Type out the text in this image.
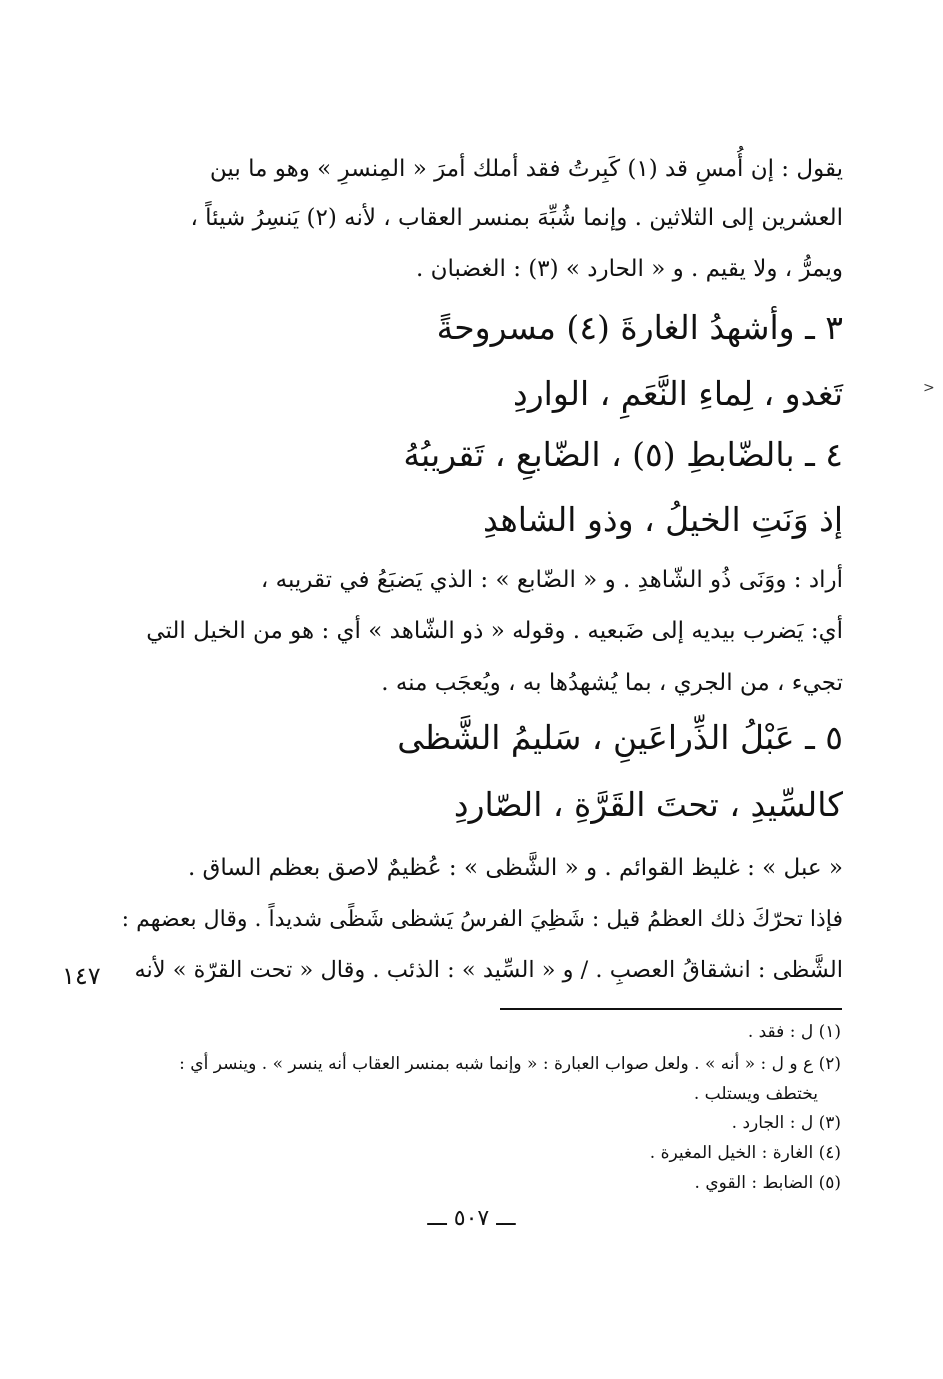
يقول : إن أُمسِ قد (١) كَبِرتُ فقد أملك أمرَ « المِنسرِ » وهو ما بين
العشرين إلى الثلاثين . وإنما شُبِّهَ بمنسر العقاب ، لأنه (٢) يَنسِرُ شيئاً ،
ويمرُّ ، ولا يقيم . و « الحارد » (٣) : الغضبان .
٣ ـ وأشهدُ الغارةَ (٤) مسروحةً
تَغدو ، لِماءِ النَّعَمِ ، الواردِ
٤ ـ بالضّابطِ (٥) ، الضّابعِ ، تَقريبُهُ
إذ وَنَتِ الخيلُ ، وذو الشاهدِ
أراد : ووَنَى ذُو الشّاهدِ . و « الضّابع » : الذي يَضبَعُ في تقريبه ،
أي: يَضرب بيديه إلى ضَبعيه . وقوله « ذو الشّاهد » أي : هو من الخيل التي
تجيء ، من الجري ، بما يُشهدُها به ، ويُعجَب منه .
٥ ـ عَبْلُ الذِّراعَينِ ، سَليمُ الشَّظى
كالسِّيدِ ، تحتَ القَرَّةِ ، الصّاردِ
« عبل » : غليظ القوائم . و « الشَّظى » : عُظيمٌ لاصق بعظم الساق .
فإذا تحرّكَ ذلك العظمُ قيل : شَظِيَ الفرسُ يَشظى شَظًى شديداً . وقال بعضهم :
الشَّظى : انشقاقُ العصبِ . / و « السِّيد » : الذئب . وقال « تحت القرّة » لأنه
١٤٧
>
(١) ل : فقد .
(٢) ع و ل : « أنه » . ولعل صواب العبارة : « وإنما شبه بمنسر العقاب أنه ينسر » . وينسر أي :
يختطف ويستلب .
(٣) ل : الجارد .
(٤) الغارة : الخيل المغيرة .
(٥) الضابط : القوي .
ـــ ٥٠٧ ـــ
